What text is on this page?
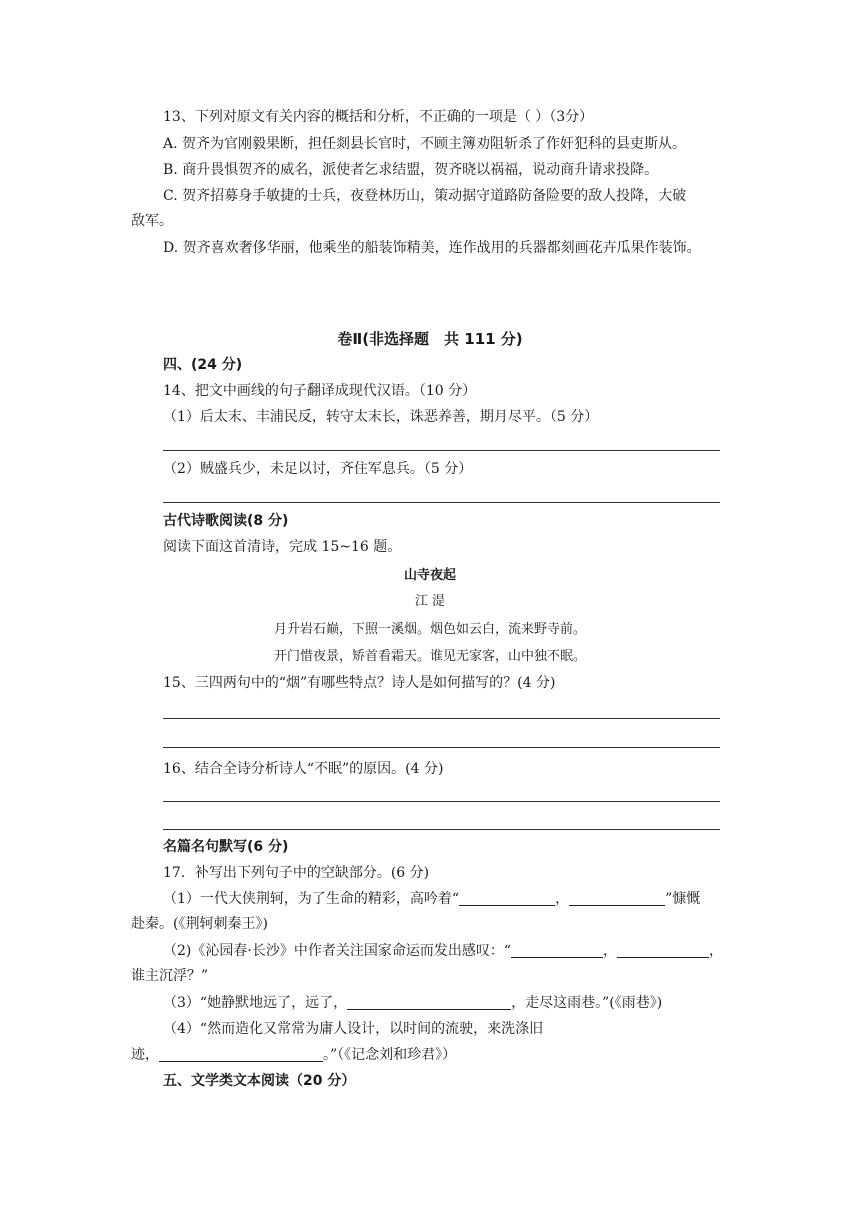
13、下列对原文有关内容的概括和分析，不正确的一项是（ ）（3分）
A. 贺齐为官刚毅果断，担任剡县长官时，不顾主簿劝阻斩杀了作奸犯科的县吏斯从。
B. 商升畏惧贺齐的威名，派使者乞求结盟，贺齐晓以祸福，说动商升请求投降。
C. 贺齐招募身手敏捷的士兵，夜登林历山，策动据守道路防备险要的敌人投降，大破
敌军。
D. 贺齐喜欢奢侈华丽，他乘坐的船装饰精美，连作战用的兵器都刻画花卉瓜果作装饰。
卷Ⅱ(非选择题　共 111 分)
四、(24 分)
14、把文中画线的句子翻译成现代汉语。（10 分）
（1）后太末、丰浦民反，转守太末长，诛恶养善，期月尽平。（5 分）
（2）贼盛兵少，未足以讨，齐住军息兵。（5 分）
古代诗歌阅读(8 分)
阅读下面这首清诗，完成 15~16 题。
山寺夜起
江 湜
月升岩石巅，下照一溪烟。烟色如云白，流来野寺前。
开门惜夜景，矫首看霜天。谁见无家客，山中独不眠。
15、三四两句中的“烟”有哪些特点？诗人是如何描写的？(4 分)
16、结合全诗分析诗人“不眠”的原因。(4 分)
名篇名句默写(6 分)
17．补写出下列句子中的空缺部分。(6 分)
（1）一代大侠荆轲，为了生命的精彩，高吟着“	，	”慷慨
赴秦。(《荆轲刺秦王》)
（2)《沁园春·长沙》中作者关注国家命运而发出感叹：“	，	，
谁主沉浮？”
（3）“她静默地远了，远了，	，走尽这雨巷。”(《雨巷》)
（4）“然而造化又常常为庸人设计，以时间的流驶，来洗涤旧
迹，	。”（《记念刘和珍君》）
五、文学类文本阅读（20 分）
